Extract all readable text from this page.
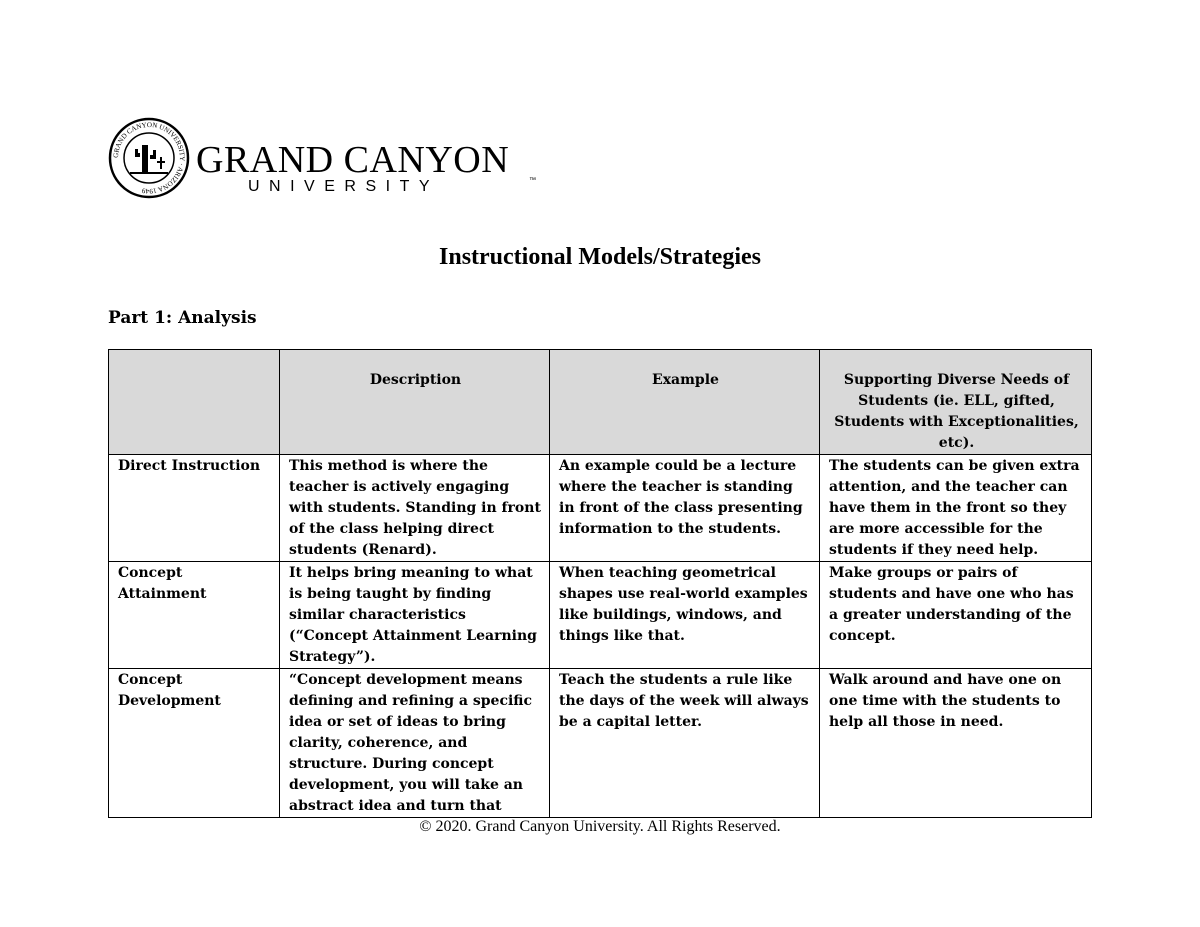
GRAND CANYON UNIVERSITY · ARIZONA 1949
GRAND CANYON
UNIVERSITY	™
Instructional Models/Strategies
Part 1: Analysis
	Description	Example	Supporting Diverse Needs of Students (ie. ELL, gifted, Students with Exceptionalities, etc).
Direct Instruction	This method is where the teacher is actively engaging with students. Standing in front of the class helping direct students (Renard).	An example could be a lecture where the teacher is standing in front of the class presenting information to the students.	The students can be given extra attention, and the teacher can have them in the front so they are more accessible for the students if they need help.
Concept Attainment	It helps bring meaning to what is being taught by finding similar characteristics (“Concept Attainment Learning Strategy”).	When teaching geometrical shapes use real-world examples like buildings, windows, and things like that.	Make groups or pairs of students and have one who has a greater understanding of the concept.
Concept Development	“Concept development means defining and refining a specific idea or set of ideas to bring clarity, coherence, and structure. During concept development, you will take an abstract idea and turn that	Teach the students a rule like the days of the week will always be a capital letter.	Walk around and have one on one time with the students to help all those in need.
© 2020. Grand Canyon University. All Rights Reserved.
